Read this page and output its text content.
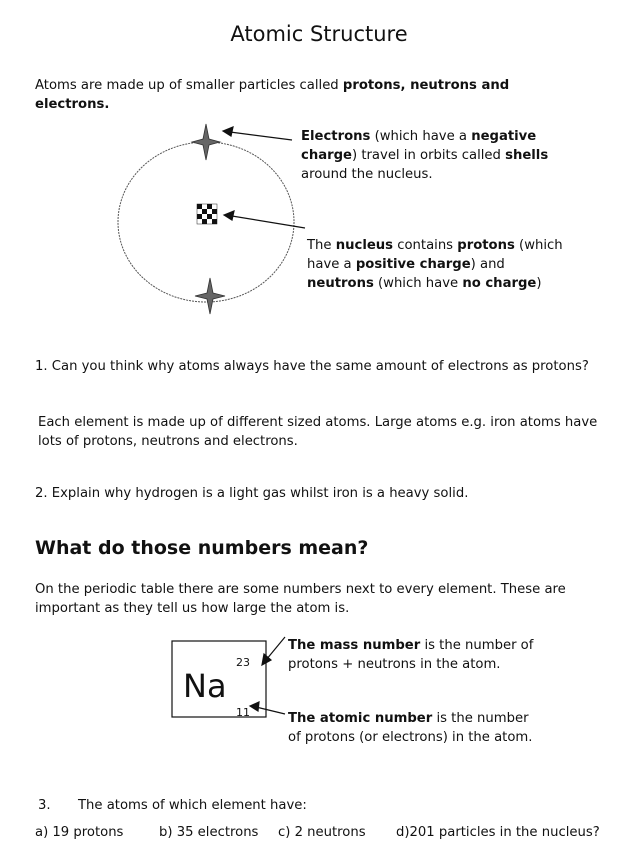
Atomic Structure
Atoms are made up of smaller particles called protons, neutrons and electrons.
Electrons (which have a negative charge) travel in orbits called shells around the nucleus.
The nucleus contains protons (which have a positive charge) and neutrons (which have no charge)
1. Can you think why atoms always have the same amount of electrons as protons?
Each element is made up of different sized atoms. Large atoms e.g. iron atoms have lots of protons, neutrons and electrons.
2. Explain why hydrogen is a light gas whilst iron is a heavy solid.
What do those numbers mean?
On the periodic table there are some numbers next to every element. These are important as they tell us how large the atom is.
Na
23
11
The mass number is the number of protons + neutrons in the atom.
The atomic number is the number of protons (or electrons) in the atom.
3. The atoms of which element have:
a) 19 protons	b) 35 electrons c) 2 neutrons d)201 particles in the nucleus?
